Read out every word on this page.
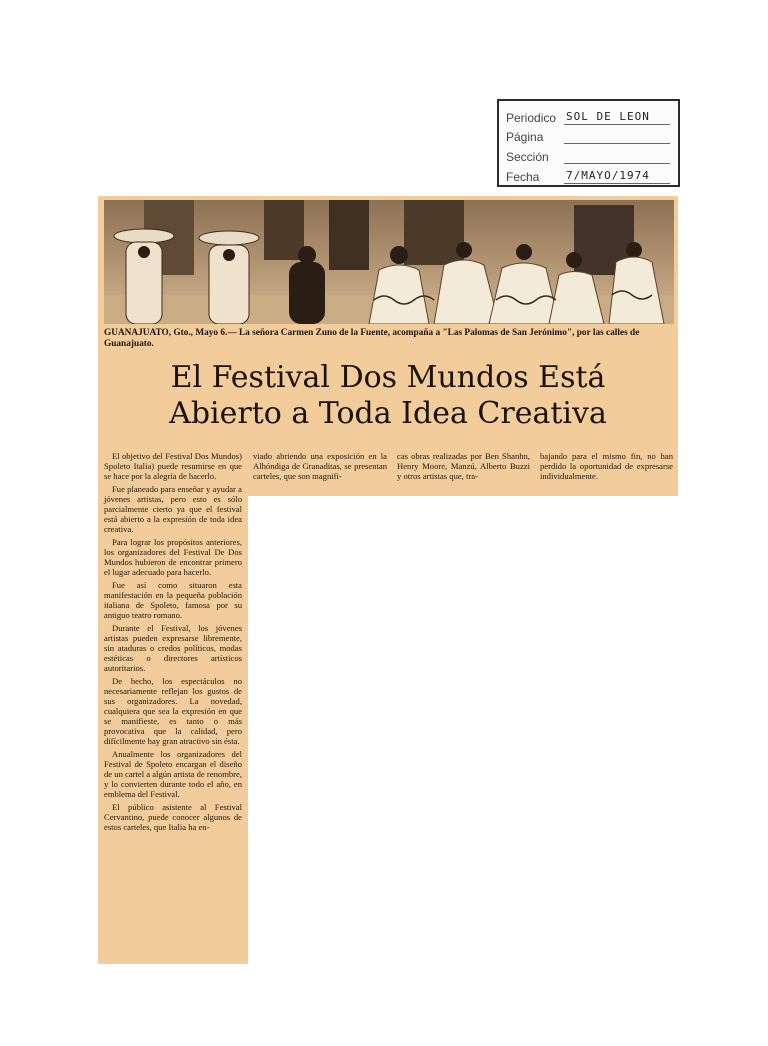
Periodico SOL DE LEON
Página
Sección
Fecha	7/MAYO/1974
GUANAJUATO, Gto., Mayo 6.— La señora Carmen Zuno de la Fuente, acompaña a "Las Palomas de San Jerónimo", por las calles de Guanajuato.
El Festival Dos Mundos Está
Abierto a Toda Idea Creativa

El objetivo del Festival Dos Mundos) Spoleto Italia) puede resumirse en que se hace por la alegría de hacerlo.

Fue planeado para enseñar y ayudar a jóvenes artistas, pero esto es sólo parcialmente cierto ya que el festival está abierto a la expresión de toda idea creativa.

Para lograr los propósitos anteriores, los organizadores del Festival De Dos Mundos hubieron de encontrar primero el lugar adecuado para hacerlo.

Fue así como situaron esta manifestación en la pequeña población italiana de Spoleto, famosa por su antiguo teatro romano.

Durante el Festival, los jóvenes artistas pueden expresarse libremente, sin ataduras o credos políticos, modas estéticas o directores artísticos autoritarios.

De hecho, los espectáculos no necesariamente reflejan los gustos de sus organizadores. La novedad, cualquiera que sea la expresión en que se manifieste, es tanto o más provocativa que la calidad, pero difícilmente hay gran atractivo sin ésta.

Anualmente los organizadores del Festival de Spoleto encargan el diseño de un cartel a algún artista de renombre, y lo convierten durante todo el año, en emblema del Festival.

El público asistente al Festival Cervantino, puede conocer algunos de estos carteles, que Italia ha en-

viado abriendo una exposición en la Alhóndiga de Granaditas, se presentan carteles, que son magnifi-

cas obras realizadas por Ben Shanhn, Henry Moore, Manzú, Alberto Buzzi y otros artistas que, tra-

bajando para el mismo fin, no han perdido la oportunidad de expresarse individualmente.
